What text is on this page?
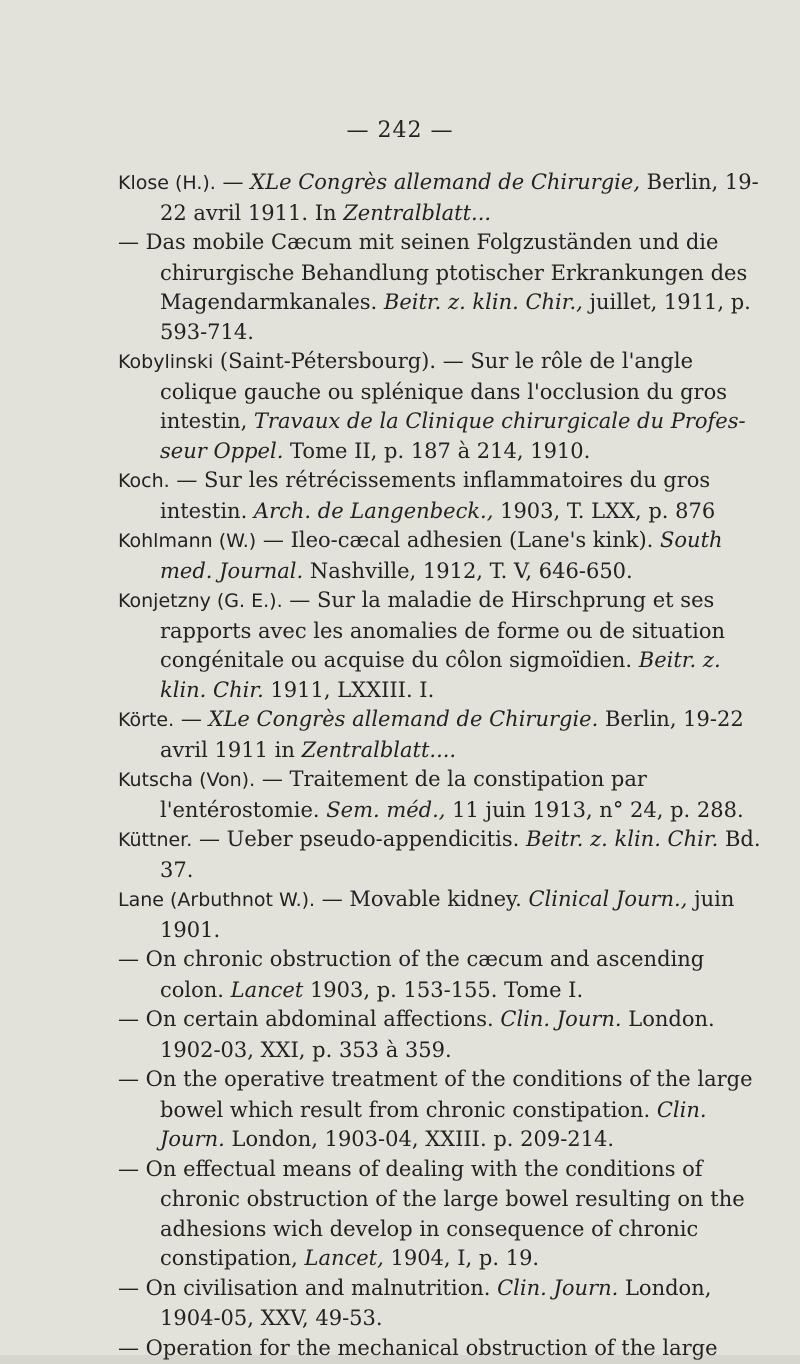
— 242 —

Klose (H.). — XLe Congrès allemand de Chirurgie, Berlin, 19-22 avril 1911. In Zentralblatt...

— Das mobile Cæcum mit seinen Folgzuständen und die chirurgische Behandlung ptotischer Erkrankungen des Magendarmkanales. Beitr. z. klin. Chir., juillet, 1911, p. 593-714.

Kobylinski (Saint-Pétersbourg). — Sur le rôle de l'angle colique gauche ou splénique dans l'occlusion du gros intestin, Travaux de la Clinique chirurgicale du Profes-seur Oppel. Tome II, p. 187 à 214, 1910.

Koch. — Sur les rétrécissements inflammatoires du gros intestin. Arch. de Langenbeck., 1903, T. LXX, p. 876

Kohlmann (W.) — Ileo-cæcal adhesien (Lane's kink). South med. Journal. Nashville, 1912, T. V, 646-650.

Konjetzny (G. E.). — Sur la maladie de Hirschprung et ses rapports avec les anomalies de forme ou de situation congénitale ou acquise du côlon sigmoïdien. Beitr. z. klin. Chir. 1911, LXXIII. I.

Körte. — XLe Congrès allemand de Chirurgie. Berlin, 19-22 avril 1911 in Zentralblatt....

Kutscha (Von). — Traitement de la constipation par l'entérostomie. Sem. méd., 11 juin 1913, n° 24, p. 288.

Küttner. — Ueber pseudo-appendicitis. Beitr. z. klin. Chir. Bd. 37.

Lane (Arbuthnot W.). — Movable kidney. Clinical Journ., juin 1901.

— On chronic obstruction of the cæcum and ascending colon. Lancet 1903, p. 153-155. Tome I.

— On certain abdominal affections. Clin. Journ. London. 1902-03, XXI, p. 353 à 359.

— On the operative treatment of the conditions of the large bowel which result from chronic constipation. Clin. Journ. London, 1903-04, XXIII. p. 209-214.

— On effectual means of dealing with the conditions of chronic obstruction of the large bowel resulting on the adhesions wich develop in consequence of chronic constipation, Lancet, 1904, I, p. 19.

— On civilisation and malnutrition. Clin. Journ. London, 1904-05, XXV, 49-53.

— Operation for the mechanical obstruction of the large
